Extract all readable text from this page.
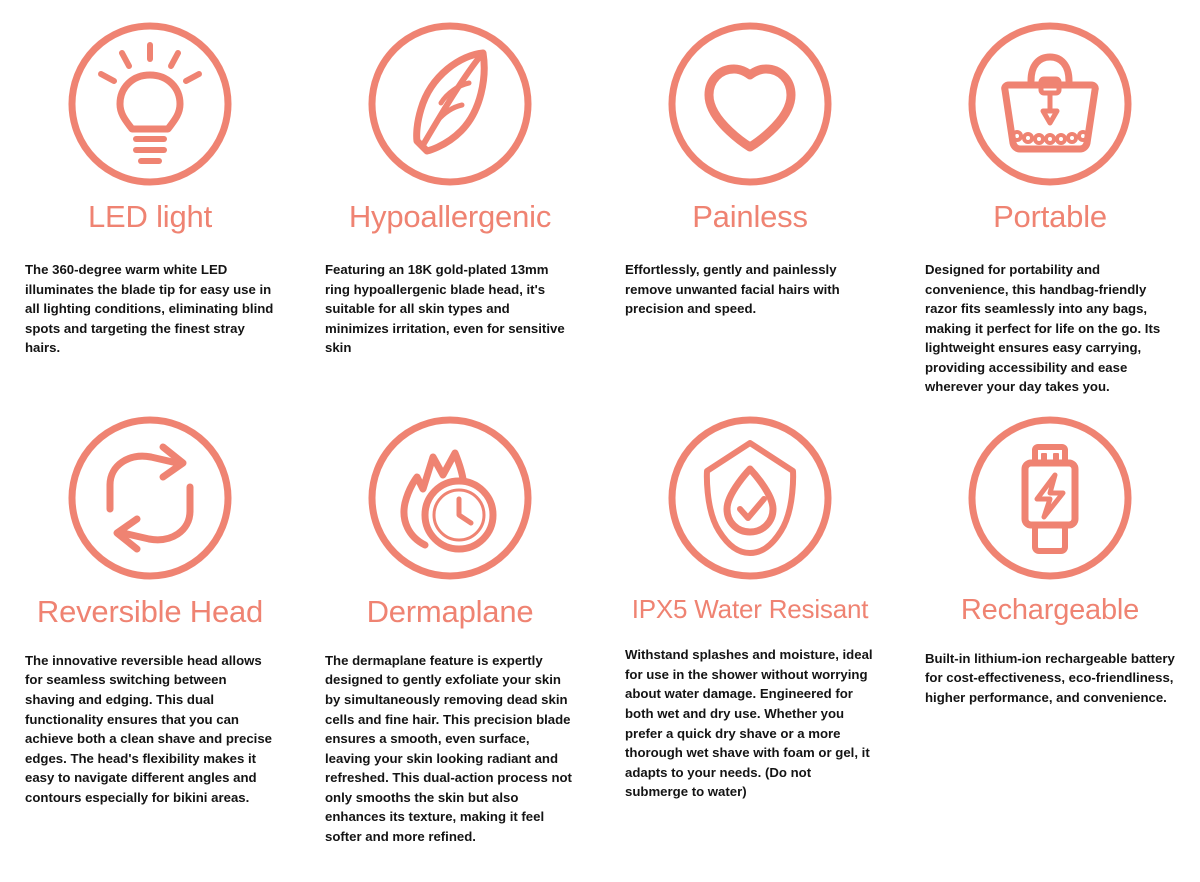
LED light
The 360-degree warm white LED illuminates the blade tip for easy use in all lighting conditions, eliminating blind spots and targeting the finest stray hairs.
Hypoallergenic
Featuring an 18K gold-plated 13mm ring hypoallergenic blade head, it's suitable for all skin types and minimizes irritation, even for sensitive skin
Painless
Effortlessly, gently and painlessly remove unwanted facial hairs with precision and speed.
Portable
Designed for portability and convenience, this handbag-friendly razor fits seamlessly into any bags, making it perfect for life on the go. Its lightweight ensures easy carrying, providing accessibility and ease wherever your day takes you.
Reversible Head
The innovative reversible head allows for seamless switching between shaving and edging. This dual functionality ensures that you can achieve both a clean shave and precise edges. The head's flexibility makes it easy to navigate different angles and contours especially for bikini areas.
Dermaplane
The dermaplane feature is expertly designed to gently exfoliate your skin by simultaneously removing dead skin cells and fine hair. This precision blade ensures a smooth, even surface, leaving your skin looking radiant and refreshed. This dual-action process not only smooths the skin but also enhances its texture, making it feel softer and more refined.
IPX5 Water Resisant
Withstand splashes and moisture, ideal for use in the shower without worrying about water damage. Engineered for both wet and dry use. Whether you prefer a quick dry shave or a more thorough wet shave with foam or gel, it adapts to your needs. (Do not submerge to water)
Rechargeable
Built-in lithium-ion rechargeable battery for cost-effectiveness, eco-friendliness, higher performance, and convenience.
